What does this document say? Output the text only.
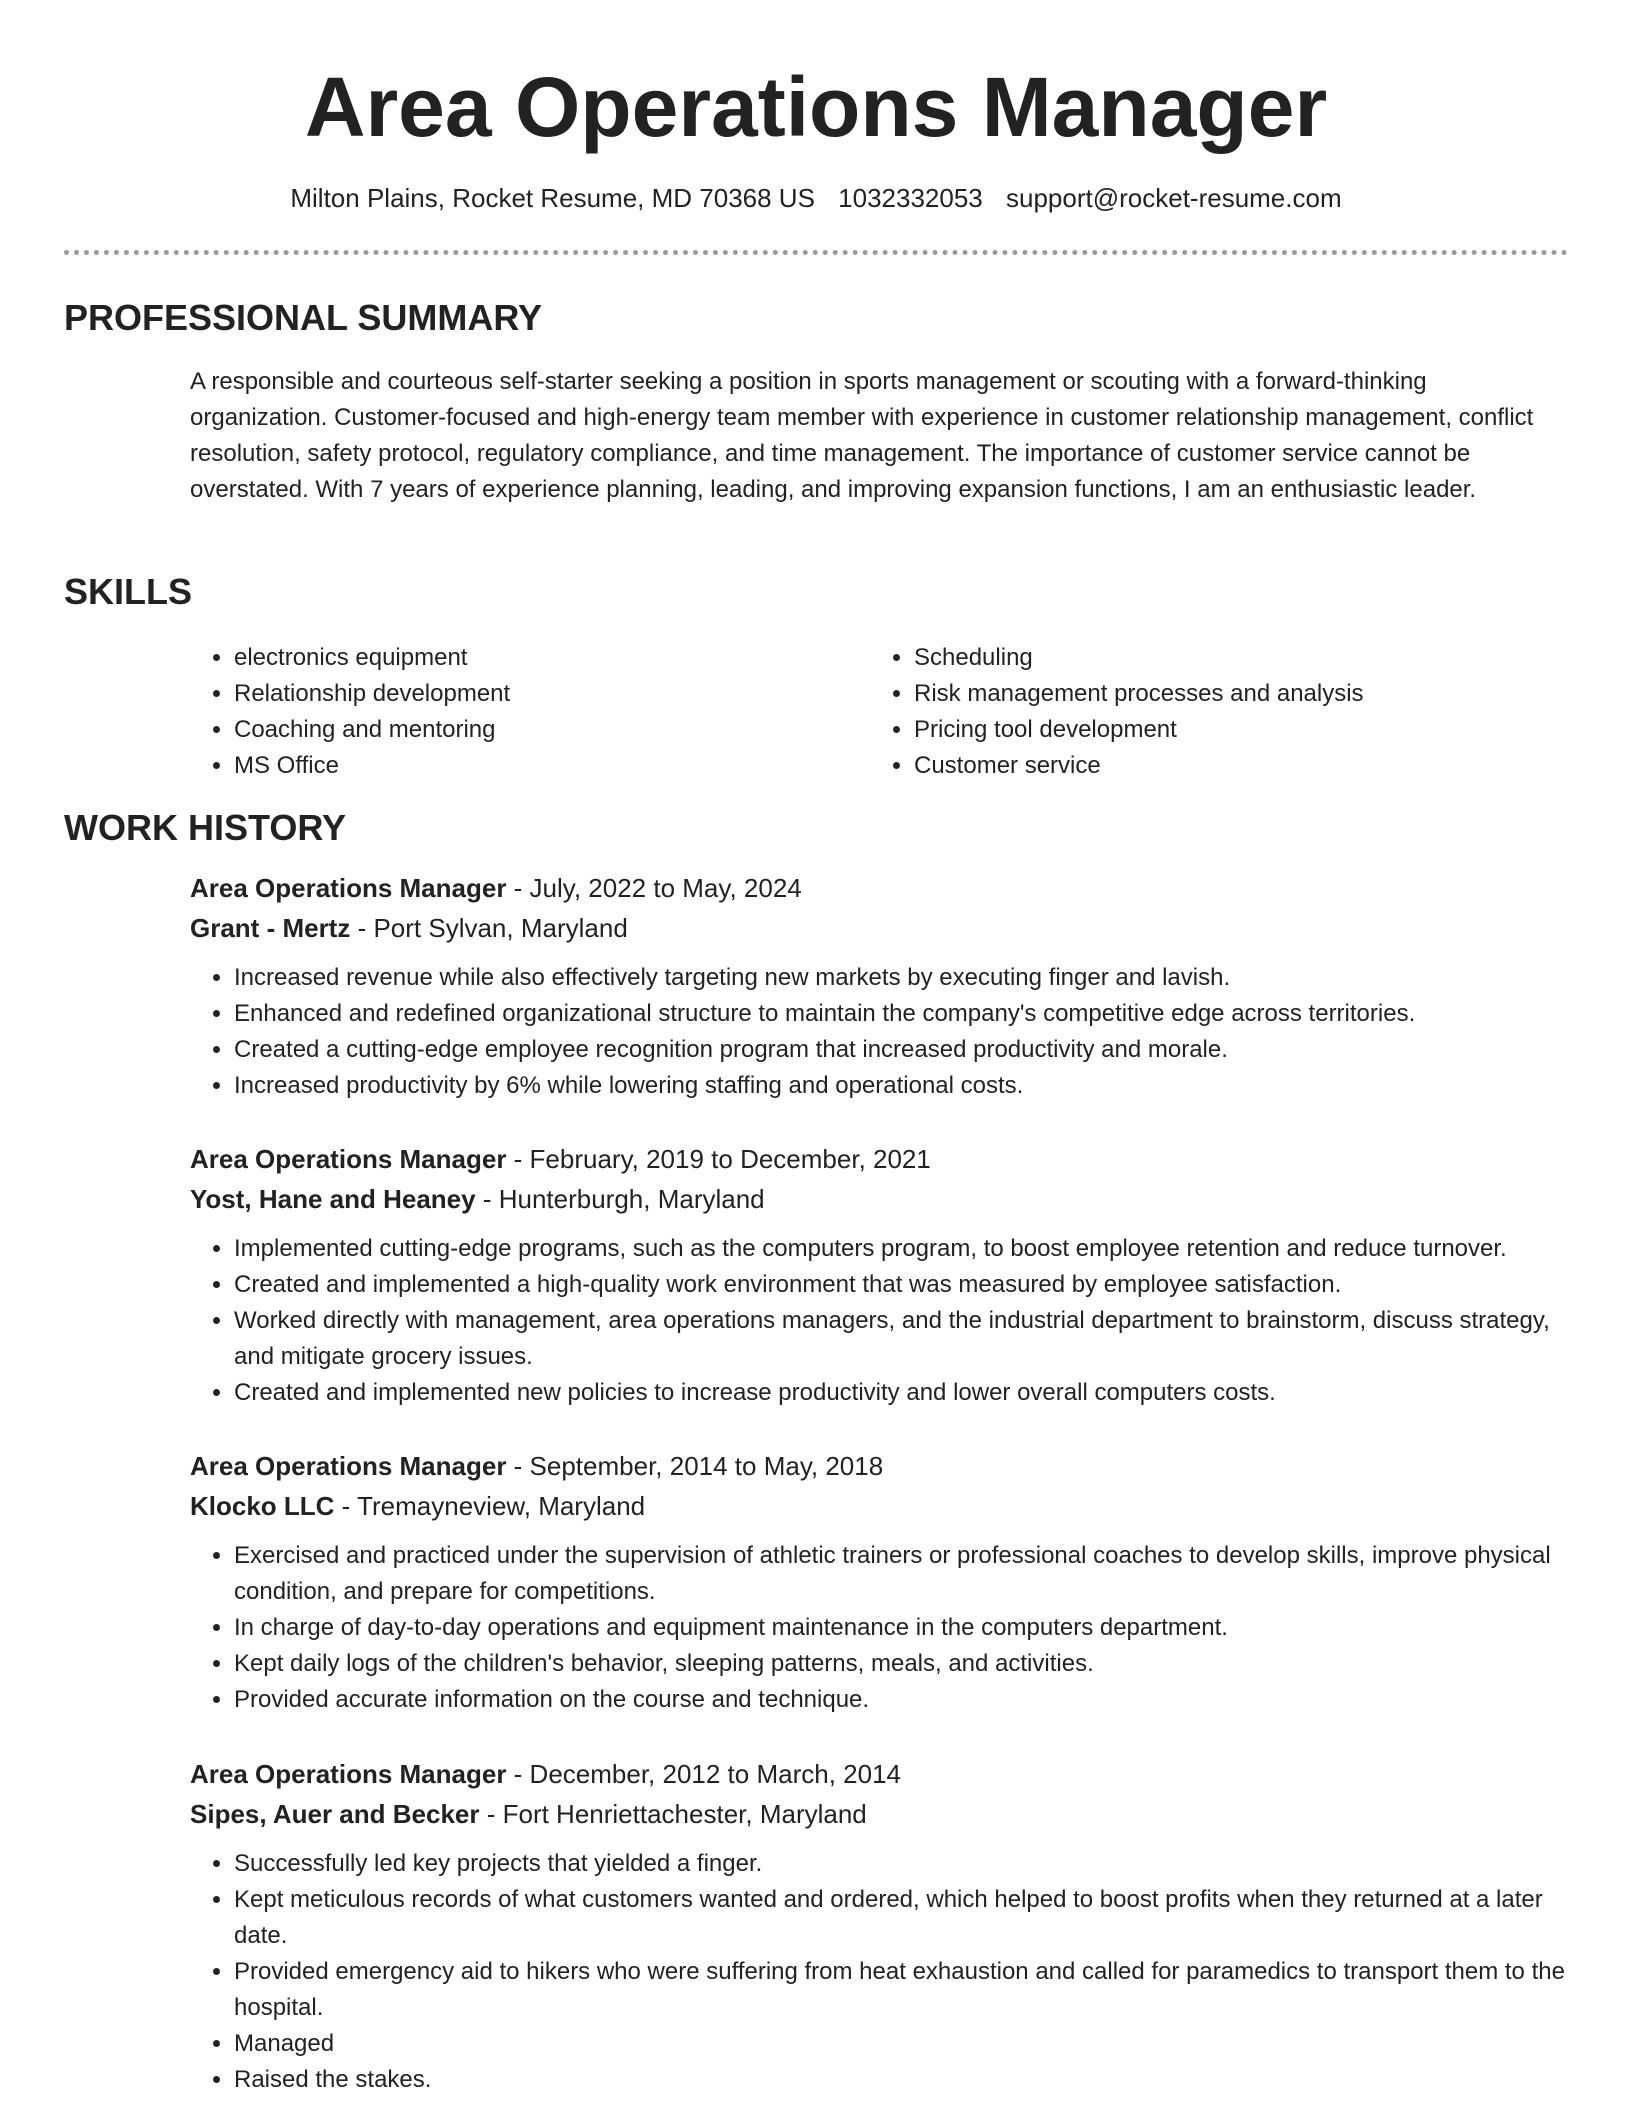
Area Operations Manager
Milton Plains, Rocket Resume, MD 70368 US 1032332053 support@rocket-resume.com
PROFESSIONAL SUMMARY
A responsible and courteous self-starter seeking a position in sports management or scouting with a forward-thinking organization. Customer-focused and high-energy team member with experience in customer relationship management, conflict resolution, safety protocol, regulatory compliance, and time management. The importance of customer service cannot be overstated. With 7 years of experience planning, leading, and improving expansion functions, I am an enthusiastic leader.
SKILLS
• electronics equipment
• Relationship development
• Coaching and mentoring
• MS Office
• Scheduling
• Risk management processes and analysis
• Pricing tool development
• Customer service
WORK HISTORY
Area Operations Manager - July, 2022 to May, 2024
Grant - Mertz - Port Sylvan, Maryland
• Increased revenue while also effectively targeting new markets by executing finger and lavish.
• Enhanced and redefined organizational structure to maintain the company's competitive edge across territories.
• Created a cutting-edge employee recognition program that increased productivity and morale.
• Increased productivity by 6% while lowering staffing and operational costs.
Area Operations Manager - February, 2019 to December, 2021
Yost, Hane and Heaney - Hunterburgh, Maryland
• Implemented cutting-edge programs, such as the computers program, to boost employee retention and reduce turnover.
• Created and implemented a high-quality work environment that was measured by employee satisfaction.
• Worked directly with management, area operations managers, and the industrial department to brainstorm, discuss strategy, and mitigate grocery issues.
• Created and implemented new policies to increase productivity and lower overall computers costs.
Area Operations Manager - September, 2014 to May, 2018
Klocko LLC - Tremayneview, Maryland
• Exercised and practiced under the supervision of athletic trainers or professional coaches to develop skills, improve physical condition, and prepare for competitions.
• In charge of day-to-day operations and equipment maintenance in the computers department.
• Kept daily logs of the children's behavior, sleeping patterns, meals, and activities.
• Provided accurate information on the course and technique.
Area Operations Manager - December, 2012 to March, 2014
Sipes, Auer and Becker - Fort Henriettachester, Maryland
• Successfully led key projects that yielded a finger.
• Kept meticulous records of what customers wanted and ordered, which helped to boost profits when they returned at a later date.
• Provided emergency aid to hikers who were suffering from heat exhaustion and called for paramedics to transport them to the hospital.
• Managed
• Raised the stakes.
